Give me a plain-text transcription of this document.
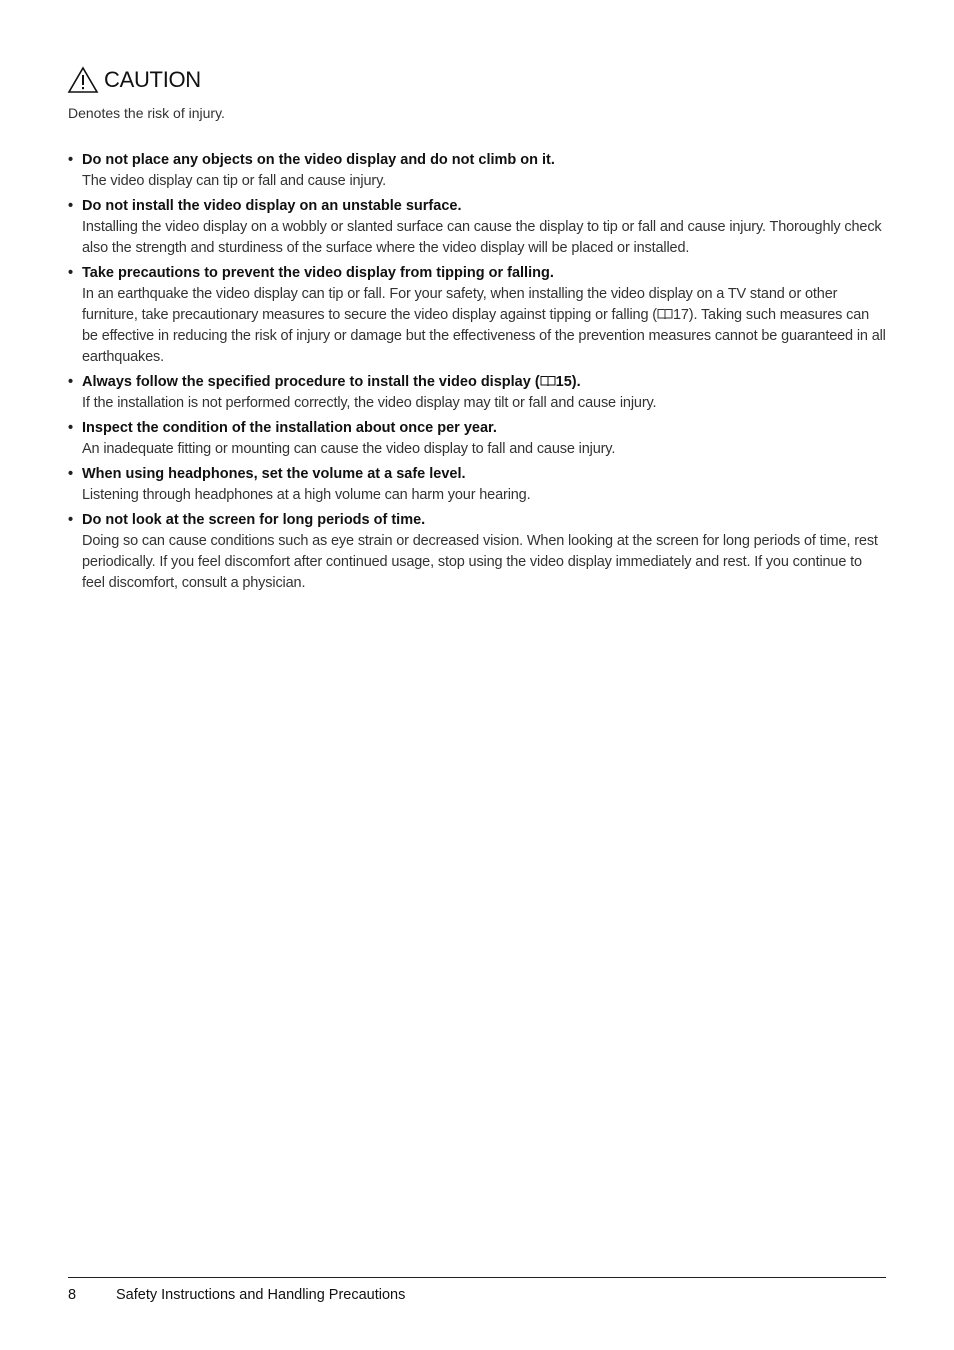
CAUTION
Denotes the risk of injury.
• Do not place any objects on the video display and do not climb on it.
The video display can tip or fall and cause injury.
• Do not install the video display on an unstable surface.
Installing the video display on a wobbly or slanted surface can cause the display to tip or fall and cause injury. Thoroughly check also the strength and sturdiness of the surface where the video display will be placed or installed.
• Take precautions to prevent the video display from tipping or falling.
In an earthquake the video display can tip or fall. For your safety, when installing the video display on a TV stand or other furniture, take precautionary measures to secure the video display against tipping or falling ( 17). Taking such measures can be effective in reducing the risk of injury or damage but the effectiveness of the prevention measures cannot be guaranteed in all earthquakes.
• Always follow the specified procedure to install the video display ( 15).
If the installation is not performed correctly, the video display may tilt or fall and cause injury.
• Inspect the condition of the installation about once per year.
An inadequate fitting or mounting can cause the video display to fall and cause injury.
• When using headphones, set the volume at a safe level.
Listening through headphones at a high volume can harm your hearing.
• Do not look at the screen for long periods of time.
Doing so can cause conditions such as eye strain or decreased vision. When looking at the screen for long periods of time, rest periodically. If you feel discomfort after continued usage, stop using the video display immediately and rest. If you continue to feel discomfort, consult a physician.
8	Safety Instructions and Handling Precautions
